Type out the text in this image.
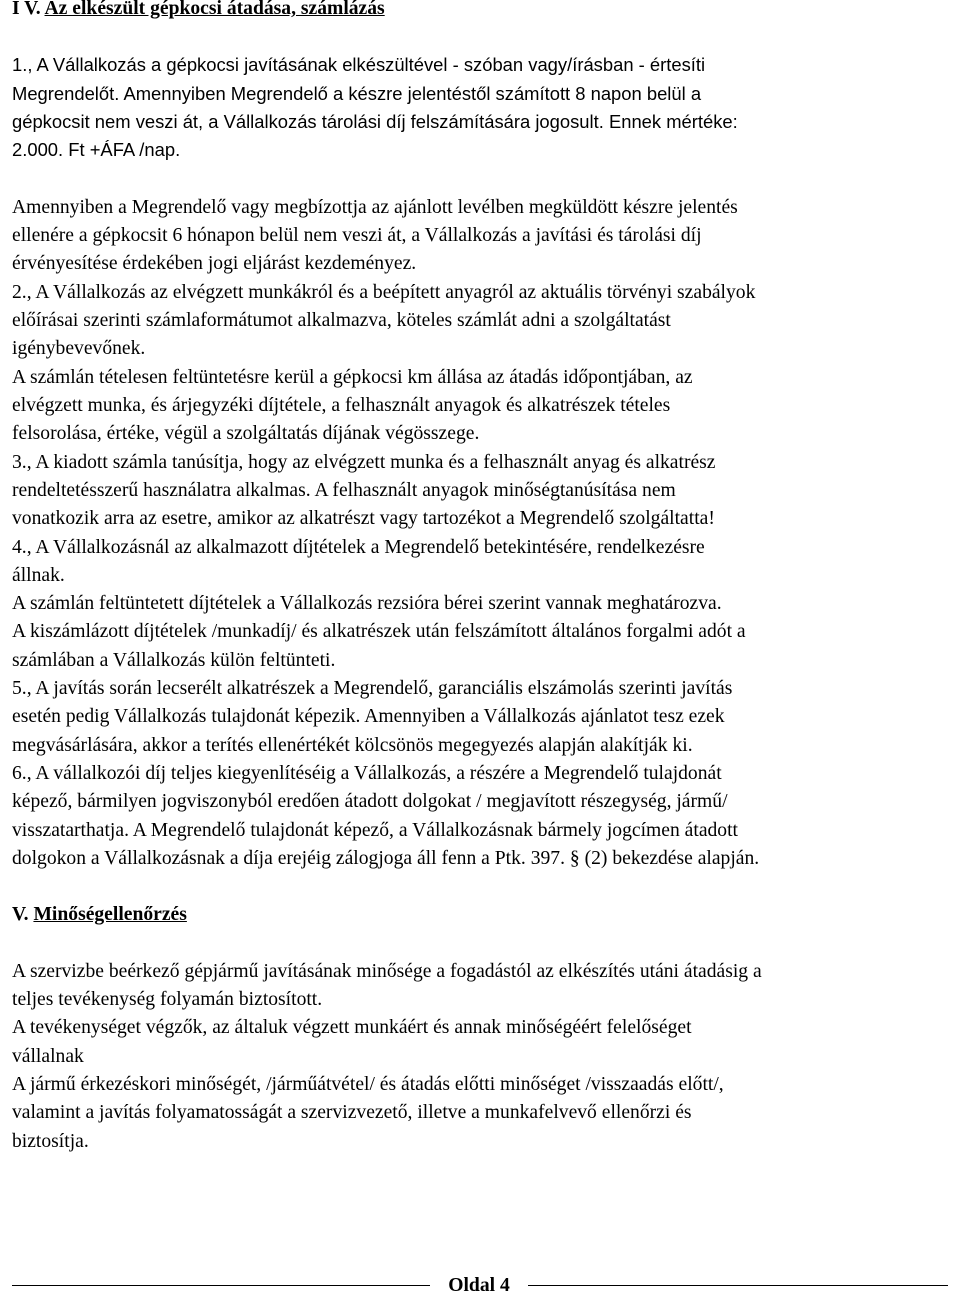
I V. Az elkészült gépkocsi átadása, számlázás
1., A Vállalkozás a gépkocsi javításának elkészültével - szóban vagy/írásban - értesíti
Megrendelőt. Amennyiben Megrendelő a készre jelentéstől számított 8 napon belül a
gépkocsit nem veszi át, a Vállalkozás tárolási díj felszámítására jogosult. Ennek mértéke:
2.000. Ft +ÁFA /nap.
Amennyiben a Megrendelő vagy megbízottja az ajánlott levélben megküldött készre jelentés
ellenére a gépkocsit 6 hónapon belül nem veszi át, a Vállalkozás a javítási és tárolási díj
érvényesítése érdekében jogi eljárást kezdeményez.
2., A Vállalkozás az elvégzett munkákról és a beépített anyagról az aktuális törvényi szabályok
előírásai szerinti számlaformátumot alkalmazva, köteles számlát adni a szolgáltatást
igénybevevőnek.
A számlán tételesen feltüntetésre kerül a gépkocsi km állása az átadás időpontjában, az
elvégzett munka, és árjegyzéki díjtétele, a felhasznált anyagok és alkatrészek tételes
felsorolása, értéke, végül a szolgáltatás díjának végösszege.
3., A kiadott számla tanúsítja, hogy az elvégzett munka és a felhasznált anyag és alkatrész
rendeltetésszerű használatra alkalmas. A felhasznált anyagok minőségtanúsítása nem
vonatkozik arra az esetre, amikor az alkatrészt vagy tartozékot a Megrendelő szolgáltatta!
4., A Vállalkozásnál az alkalmazott díjtételek a Megrendelő betekintésére, rendelkezésre
állnak.
A számlán feltüntetett díjtételek a Vállalkozás rezsióra bérei szerint vannak meghatározva.
A kiszámlázott díjtételek /munkadíj/ és alkatrészek után felszámított általános forgalmi adót a
számlában a Vállalkozás külön feltünteti.
5., A javítás során lecserélt alkatrészek a Megrendelő, garanciális elszámolás szerinti javítás
esetén pedig Vállalkozás tulajdonát képezik. Amennyiben a Vállalkozás ajánlatot tesz ezek
megvásárlására, akkor a terítés ellenértékét kölcsönös megegyezés alapján alakítják ki.
6., A vállalkozói díj teljes kiegyenlítéséig a Vállalkozás, a részére a Megrendelő tulajdonát
képező, bármilyen jogviszonyból eredően átadott dolgokat / megjavított részegység, jármű/
visszatarthatja. A Megrendelő tulajdonát képező, a Vállalkozásnak bármely jogcímen átadott
dolgokon a Vállalkozásnak a díja erejéig zálogjoga áll fenn a Ptk. 397. § (2) bekezdése alapján.
V. Minőségellenőrzés
A szervizbe beérkező gépjármű javításának minősége a fogadástól az elkészítés utáni átadásig a
teljes tevékenység folyamán biztosított.
A tevékenységet végzők, az általuk végzett munkáért és annak minőségéért felelőséget
vállalnak
A jármű érkezéskori minőségét, /járműátvétel/ és átadás előtti minőséget /visszaadás előtt/,
valamint a javítás folyamatosságát a szervizvezető, illetve a munkafelvevő ellenőrzi és
biztosítja.
Oldal 4
